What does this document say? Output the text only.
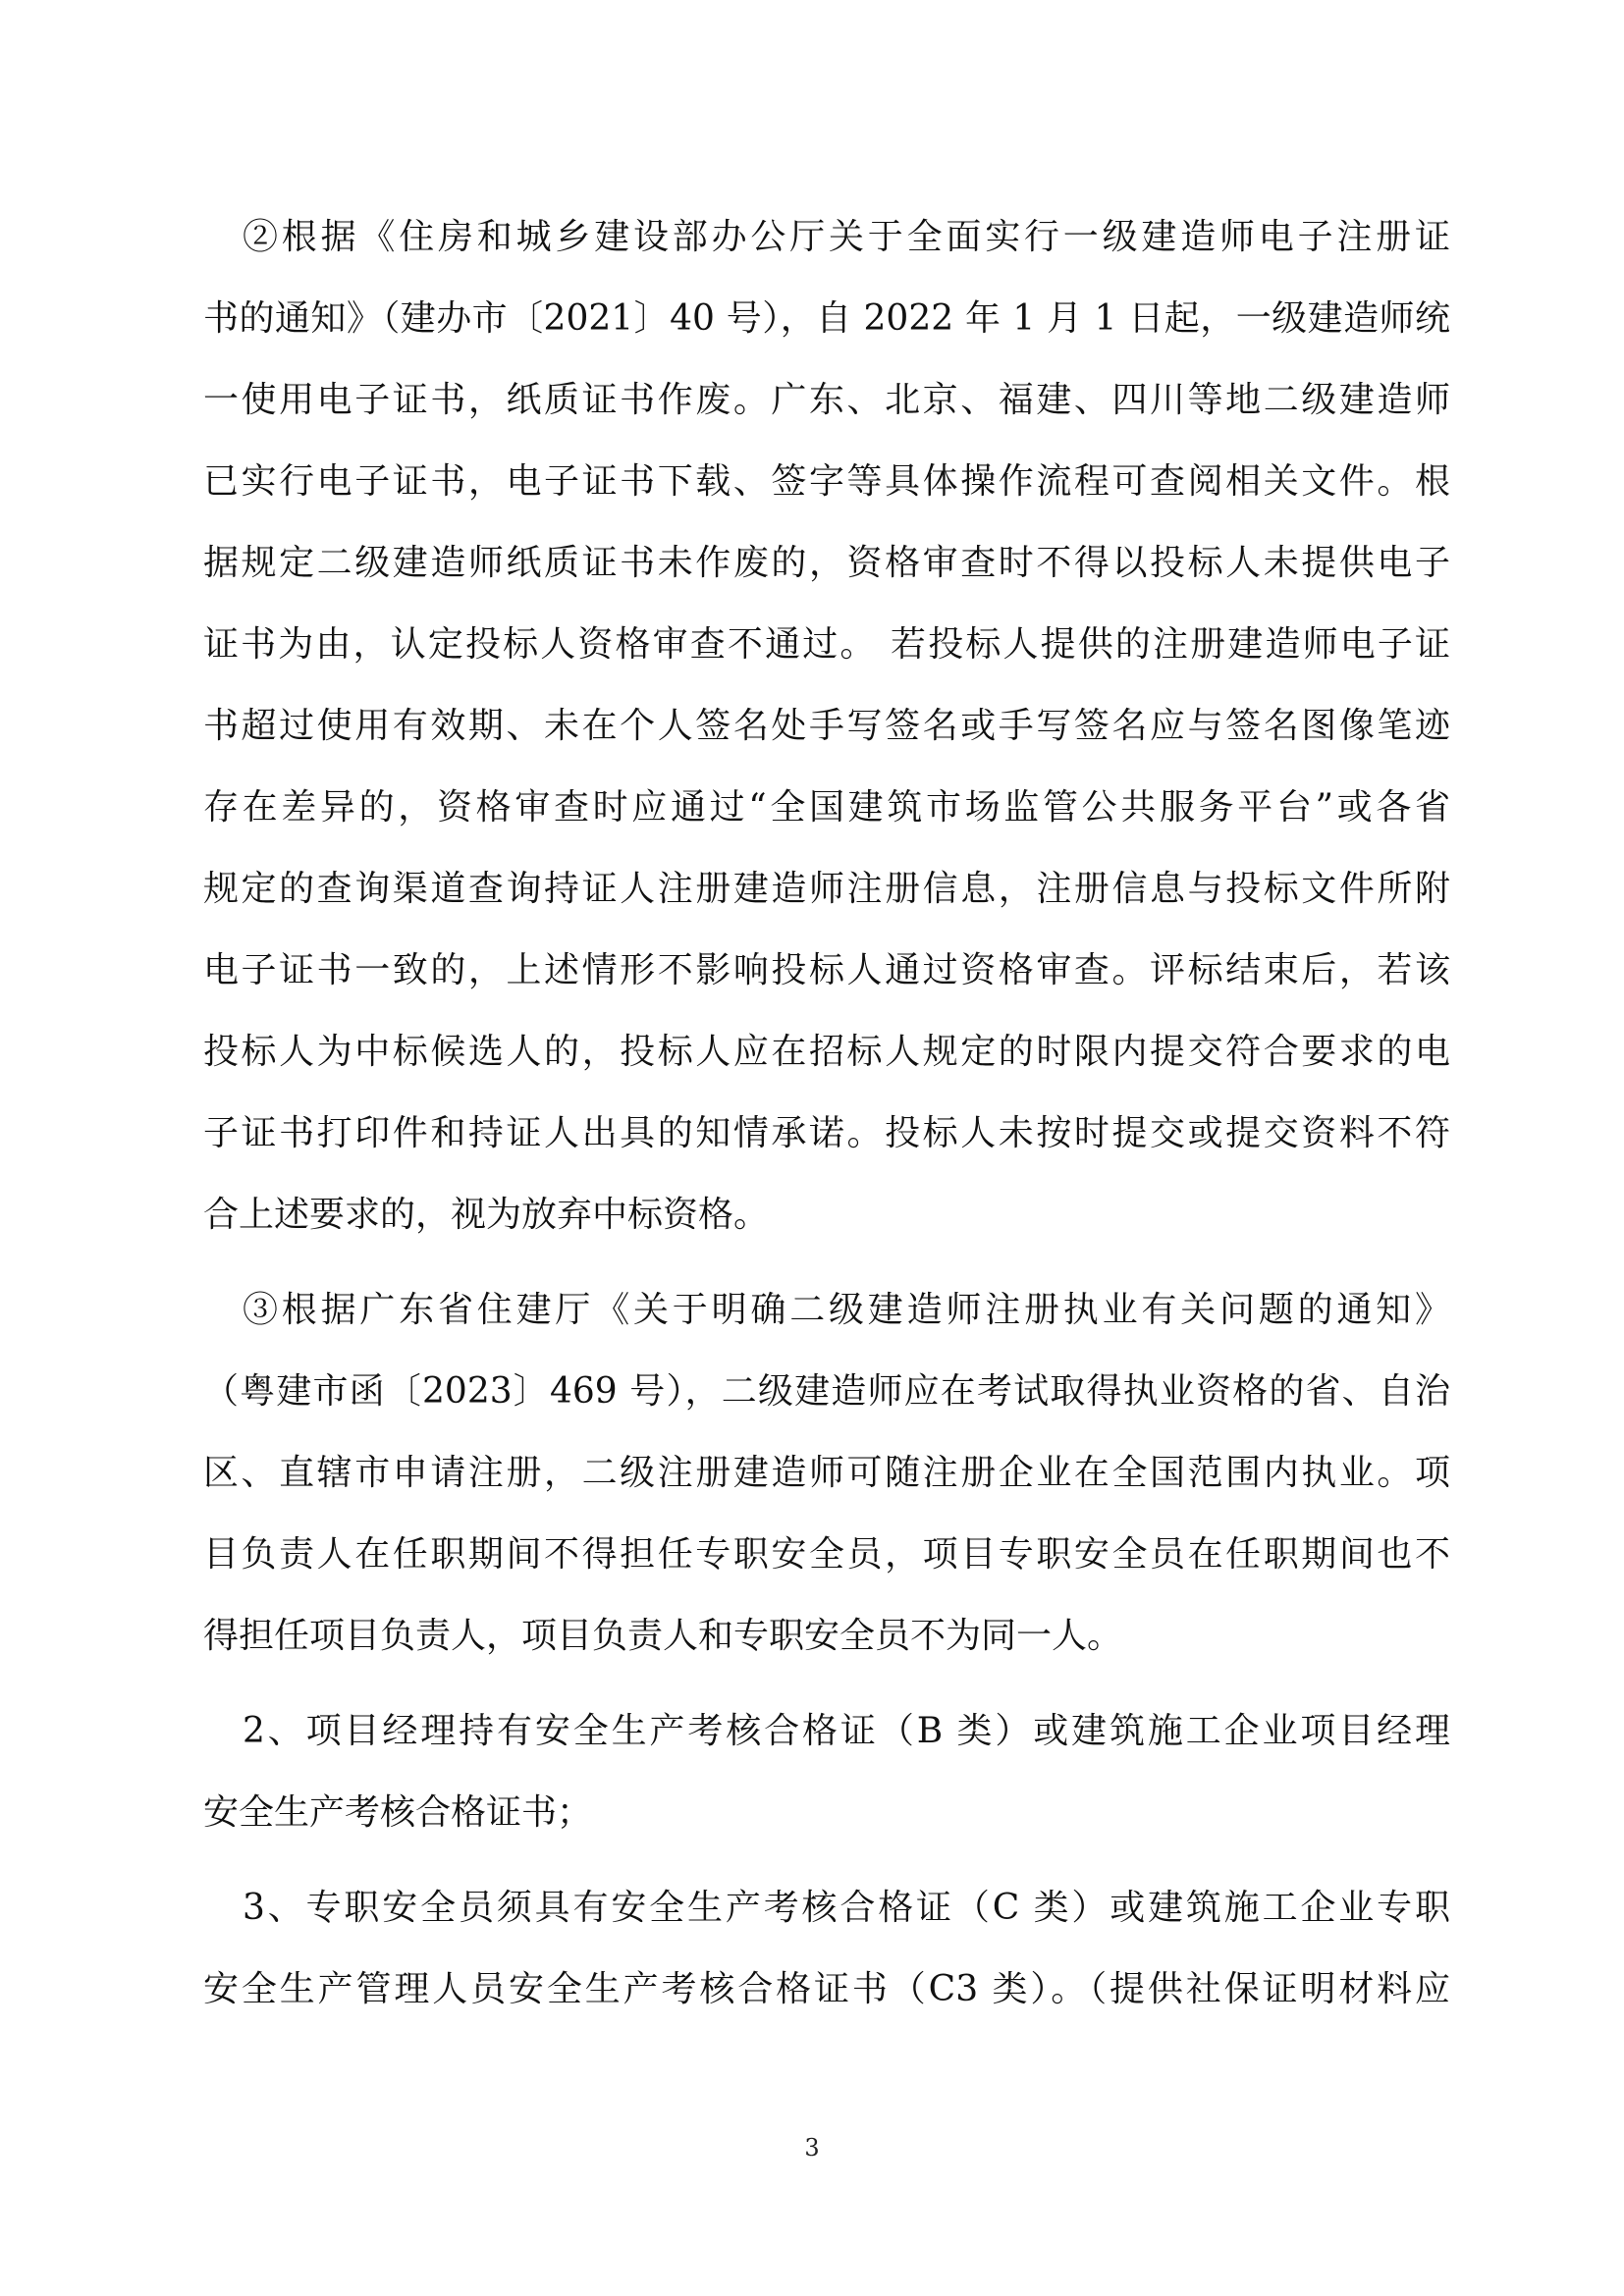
②根据《住房和城乡建设部办公厅关于全面实行一级建造师电子注册证
书的通知》（建办市〔2021〕40 号），自 2022 年 1 月 1 日起，一级建造师统
一使用电子证书，纸质证书作废。广东、北京、福建、四川等地二级建造师
已实行电子证书，电子证书下载、签字等具体操作流程可查阅相关文件。根
据规定二级建造师纸质证书未作废的，资格审查时不得以投标人未提供电子
证书为由，认定投标人资格审查不通过。 若投标人提供的注册建造师电子证
书超过使用有效期、未在个人签名处手写签名或手写签名应与签名图像笔迹
存在差异的，资格审查时应通过“全国建筑市场监管公共服务平台”或各省
规定的查询渠道查询持证人注册建造师注册信息，注册信息与投标文件所附
电子证书一致的，上述情形不影响投标人通过资格审查。评标结束后，若该
投标人为中标候选人的，投标人应在招标人规定的时限内提交符合要求的电
子证书打印件和持证人出具的知情承诺。投标人未按时提交或提交资料不符
合上述要求的，视为放弃中标资格。
③根据广东省住建厅《关于明确二级建造师注册执业有关问题的通知》
（粤建市函〔2023〕469 号），二级建造师应在考试取得执业资格的省、自治
区、直辖市申请注册，二级注册建造师可随注册企业在全国范围内执业。项
目负责人在任职期间不得担任专职安全员，项目专职安全员在任职期间也不
得担任项目负责人，项目负责人和专职安全员不为同一人。
2、项目经理持有安全生产考核合格证（B 类）或建筑施工企业项目经理
安全生产考核合格证书；
3、专职安全员须具有安全生产考核合格证（C 类）或建筑施工企业专职
安全生产管理人员安全生产考核合格证书（C3 类）。（提供社保证明材料应
3
